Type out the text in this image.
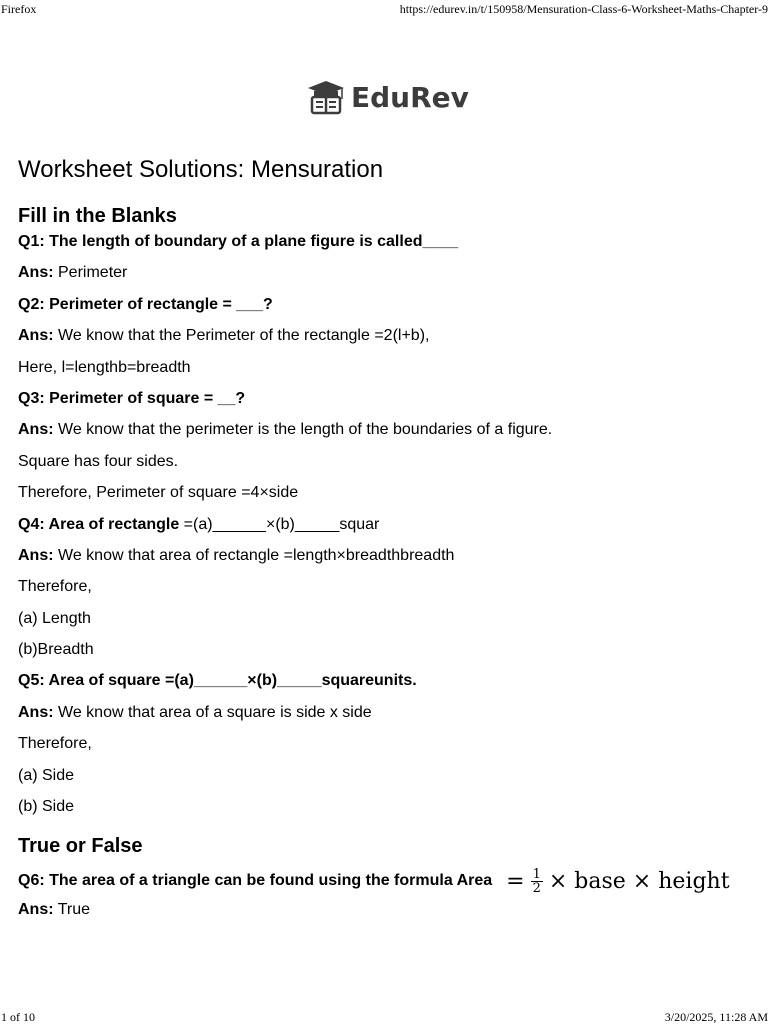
Firefox	https://edurev.in/t/150958/Mensuration-Class-6-Worksheet-Maths-Chapter-9
EduRev
Worksheet Solutions: Mensuration
Fill in the Blanks
Q1: The length of boundary of a plane figure is called____
Ans: Perimeter
Q2: Perimeter of rectangle = ___?
Ans: We know that the Perimeter of the rectangle =2(l+b),
Here, l=lengthb=breadth
Q3: Perimeter of square = __?
Ans: We know that the perimeter is the length of the boundaries of a figure.
Square has four sides.
Therefore, Perimeter of square =4×side
Q4: Area of rectangle =(a)______×(b)_____squar
Ans: We know that area of rectangle =length×breadthbreadth
Therefore,
(a) Length
(b)Breadth
Q5: Area of square =(a)______×(b)_____squareunits.
Ans: We know that area of a square is side x side
Therefore,
(a) Side
(b) Side
True or False
Q6: The area of a triangle can be found using the formula Area = $\frac{1}{2}$ × base × height
Ans: True
1 of 10	3/20/2025, 11:28 AM
